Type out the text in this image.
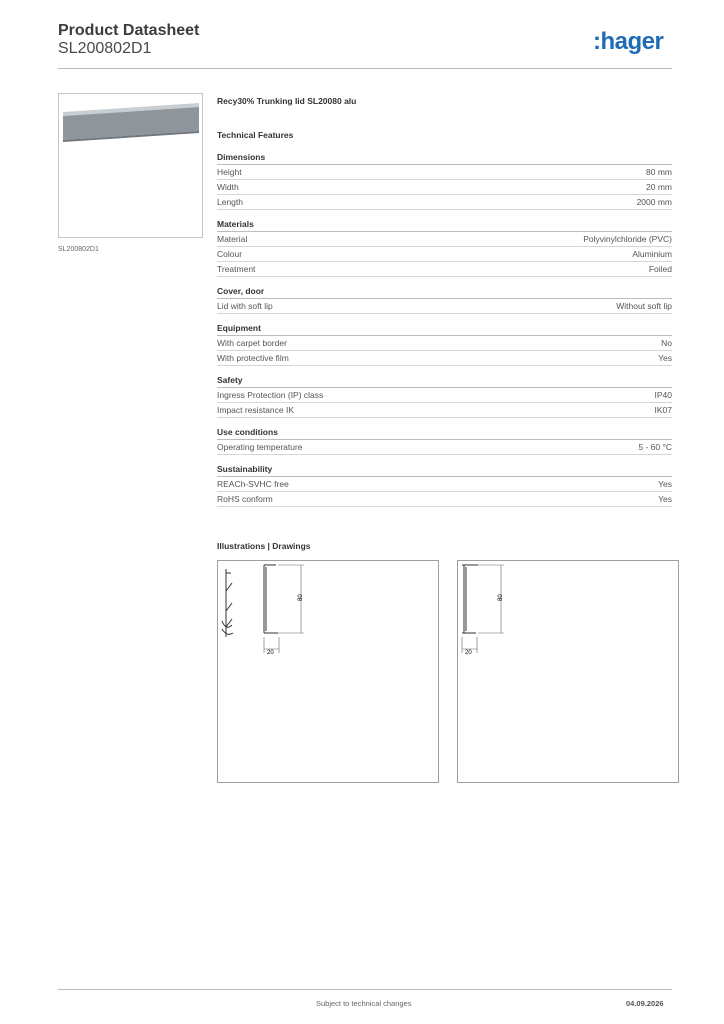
Product Datasheet
SL200802D1	:hager
SL200802D1
Recy30% Trunking lid SL20080 alu
Technical Features
Dimensions
Height	80 mm
Width	20 mm
Length	2000 mm
Materials
Material	Polyvinylchloride (PVC)
Colour	Aluminium
Treatment	Foiled
Cover, door
Lid with soft lip	Without soft lip
Equipment
With carpet border	No
With protective film	Yes
Safety
Ingress Protection (IP) class	IP40
Impact resistance IK	IK07
Use conditions
Operating temperature	5 - 60 °C
Sustainability
REACh-SVHC free	Yes
RoHS conform	Yes
Illustrations | Drawings
80
20
80
20
Subject to technical changes	04.09.2026
